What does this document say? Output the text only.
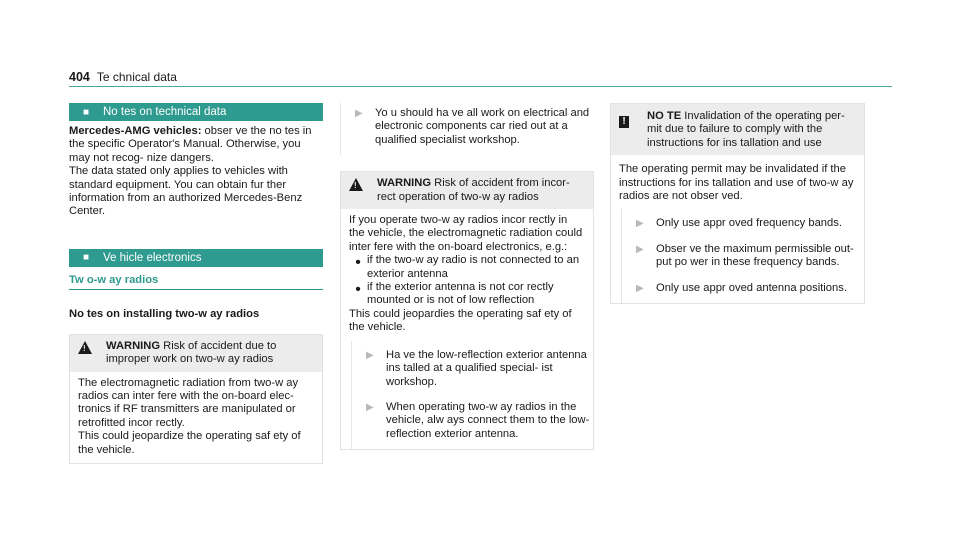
404 Te chnical data
■	No tes on technical data

Mercedes-AMG vehicles: obser ve the no tes in the specific Operator's Manual. Otherwise, you may not recog‐ nize dangers.

The data stated only applies to vehicles with standard equipment. You can obtain fur ther information from an authorized Mercedes-Benz Center.

■	Ve hicle electronics
Tw o-w ay radios
No tes on installing two-w ay radios
!

WARNING Risk of accident due to improper work on two-w ay radios

The electromagnetic radiation from two-w ay radios can inter fere with the on-board elec‐ tronics if RF transmitters are manipulated or retrofitted incor rectly.

This could jeopardize the operating saf ety of the vehicle.

▶	Yo u should ha ve all work on electrical and electronic components car ried out at a qualified specialist workshop.

!

WARNING Risk of accident from incor‐ rect operation of two-w ay radios

If you operate two-w ay radios incor rectly in the vehicle, the electromagnetic radiation could inter fere with the on-board electronics, e.g.:

• if the two-w ay radio is not connected to an exterior antenna

• if the exterior antenna is not cor rectly mounted or is not of low reflection

This could jeopardies the operating saf ety of the vehicle.

▶	Ha ve the low-reflection exterior antenna ins talled at a qualified special‐ ist workshop.

▶	When operating two-w ay radios in the vehicle, alw ays connect them to the low-reflection exterior antenna.

!	NO TE Invalidation of the operating per‐ mit due to failure to comply with the instructions for ins tallation and use

The operating permit may be invalidated if the instructions for ins tallation and use of two-w ay radios are not obser ved.

▶	Only use appr oved frequency bands.

▶	Obser ve the maximum permissible out‐ put po wer in these frequency bands.

▶	Only use appr oved antenna positions.
